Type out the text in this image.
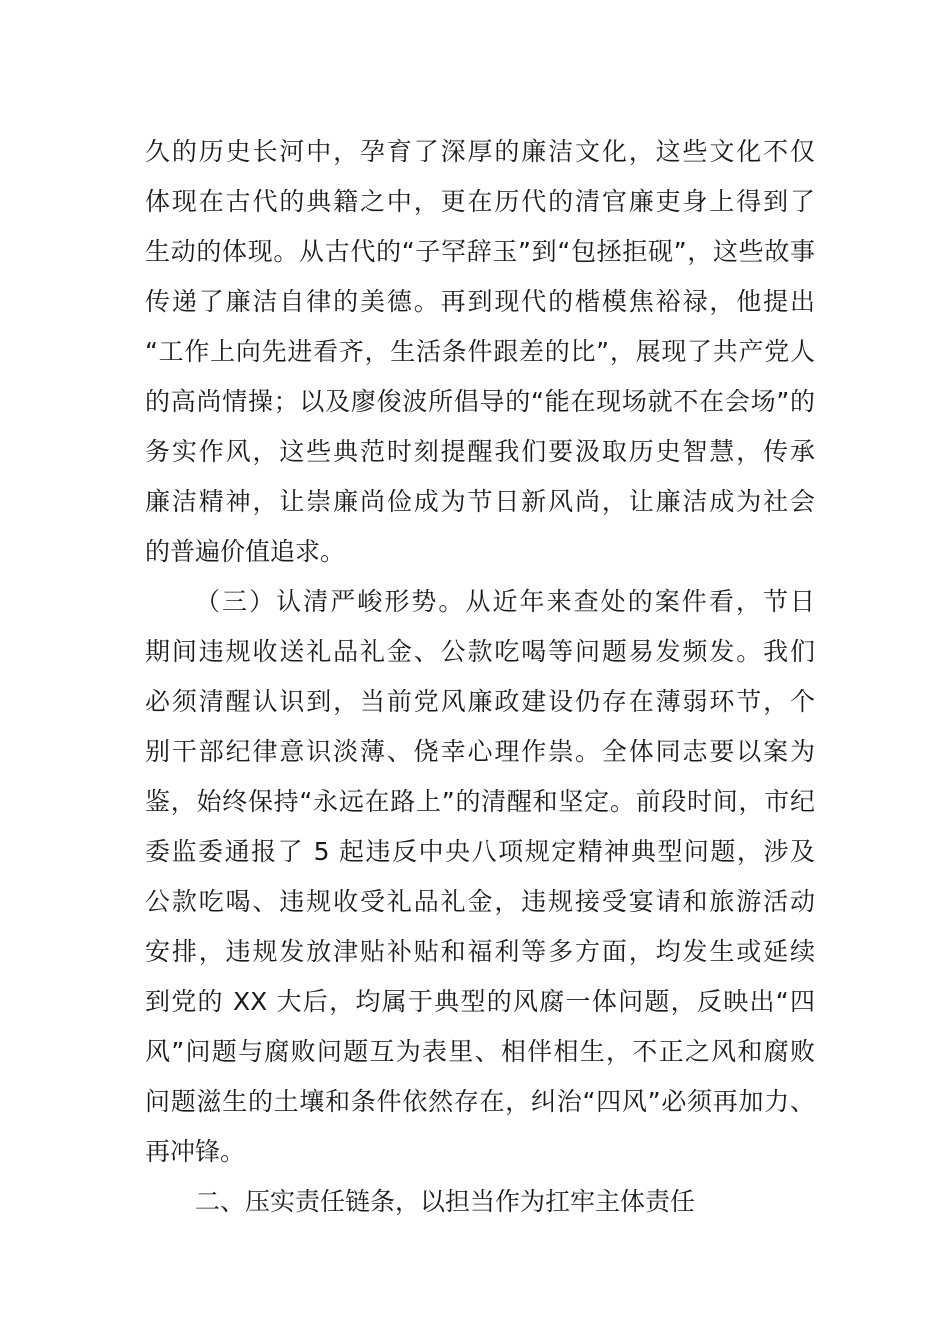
久的历史长河中，孕育了深厚的廉洁文化，这些文化不仅
体现在古代的典籍之中，更在历代的清官廉吏身上得到了
生动的体现。从古代的“子罕辞玉”到“包拯拒砚”，这些故事
传递了廉洁自律的美德。再到现代的楷模焦裕禄，他提出
“工作上向先进看齐，生活条件跟差的比”，展现了共产党人
的高尚情操；以及廖俊波所倡导的“能在现场就不在会场”的
务实作风，这些典范时刻提醒我们要汲取历史智慧，传承
廉洁精神，让崇廉尚俭成为节日新风尚，让廉洁成为社会
的普遍价值追求。
（三）认清严峻形势。从近年来查处的案件看，节日
期间违规收送礼品礼金、公款吃喝等问题易发频发。我们
必须清醒认识到，当前党风廉政建设仍存在薄弱环节，个
别干部纪律意识淡薄、侥幸心理作祟。全体同志要以案为
鉴，始终保持“永远在路上”的清醒和坚定。前段时间，市纪
委监委通报了 5 起违反中央八项规定精神典型问题，涉及
公款吃喝、违规收受礼品礼金，违规接受宴请和旅游活动
安排，违规发放津贴补贴和福利等多方面，均发生或延续
到党的 XX 大后，均属于典型的风腐一体问题，反映出“四
风”问题与腐败问题互为表里、相伴相生，不正之风和腐败
问题滋生的土壤和条件依然存在，纠治“四风”必须再加力、
再冲锋。
二、压实责任链条，以担当作为扛牢主体责任
